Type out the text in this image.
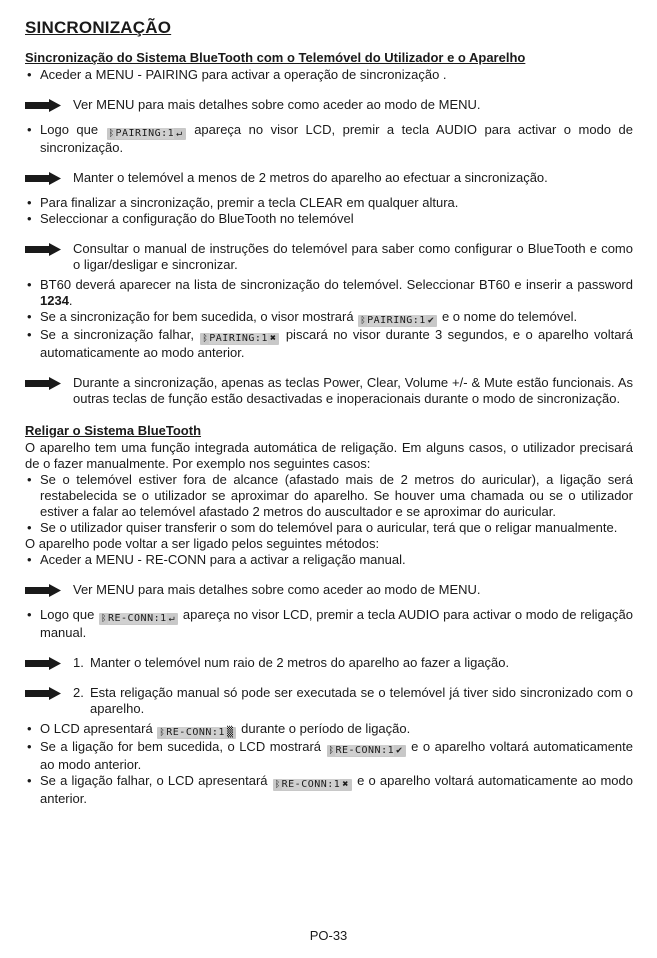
SINCRONIZAÇÃO
Sincronização do Sistema BlueTooth com o Telemóvel do Utilizador e o Aparelho

• Aceder a MENU - PAIRING para activar a operação de sincronização .

Ver MENU para mais detalhes sobre como aceder ao modo de MENU.

• Logo que ᛒPAIRING:1 ↵ apareça no visor LCD, premir a tecla AUDIO para activar o modo de sincronização.

Manter o telemóvel a menos de 2 metros do aparelho ao efectuar a sincronização.

• Para finalizar a sincronização, premir a tecla CLEAR em qualquer altura.

• Seleccionar a configuração do BlueTooth no telemóvel

Consultar o manual de instruções do telemóvel para saber como configurar o BlueTooth e como o ligar/desligar e sincronizar.

• BT60 deverá aparecer na lista de sincronização do telemóvel. Seleccionar BT60 e inserir a password 1234.

• Se a sincronização for bem sucedida, o visor mostrará ᛒPAIRING:1 ✔ e o nome do telemóvel.

• Se a sincronização falhar, ᛒPAIRING:1 ✖ piscará no visor durante 3 segundos, e o aparelho voltará automaticamente ao modo anterior.

Durante a sincronização, apenas as teclas Power, Clear, Volume +/- & Mute estão funcionais. As outras teclas de função estão desactivadas e inoperacionais durante o modo de sincronização.
Religar o Sistema BlueTooth

O aparelho tem uma função integrada automática de religação. Em alguns casos, o utilizador precisará de o fazer manualmente. Por exemplo nos seguintes casos:

• Se o telemóvel estiver fora de alcance (afastado mais de 2 metros do auricular), a ligação será restabelecida se o utilizador se aproximar do aparelho. Se houver uma chamada ou se o utilizador estiver a falar ao telemóvel afastado 2 metros do auscultador e se aproximar do auricular.

• Se o utilizador quiser transferir o som do telemóvel para o auricular, terá que o religar manualmente.

O aparelho pode voltar a ser ligado pelos seguintes métodos:

• Aceder a MENU - RE-CONN para a activar a religação manual.

Ver MENU para mais detalhes sobre como aceder ao modo de MENU.

• Logo que ᛒRE-CONN:1 ↵ apareça no visor LCD, premir a tecla AUDIO para activar o modo de religação manual.

1. Manter o telemóvel num raio de 2 metros do aparelho ao fazer a ligação.
2. Esta religação manual só pode ser executada se o telemóvel já tiver sido sincronizado com o aparelho.

• O LCD apresentará ᛒRE-CONN:1 ▒ durante o período de ligação.

• Se a ligação for bem sucedida, o LCD mostrará ᛒRE-CONN:1 ✔ e o aparelho voltará automaticamente ao modo anterior.

• Se a ligação falhar, o LCD apresentará ᛒRE-CONN:1 ✖ e o aparelho voltará automaticamente ao modo anterior.

PO-33
